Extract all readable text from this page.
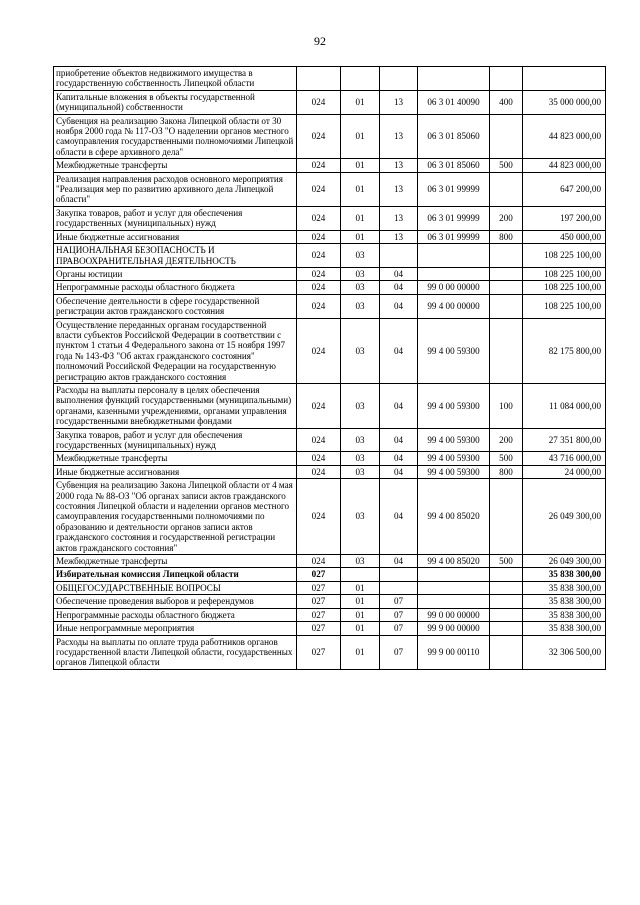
92
приобретение объектов недвижимого имущества в государственную собственность Липецкой области						
Капитальные вложения в объекты государственной (муниципальной) собственности	024	01	13	06 3 01 40090	400	35 000 000,00
Субвенция на реализацию Закона Липецкой области от 30 ноября 2000 года № 117-ОЗ "О наделении органов местного самоуправления государственными полномочиями Липецкой области в сфере архивного дела"	024	01	13	06 3 01 85060		44 823 000,00
Межбюджетные трансферты	024	01	13	06 3 01 85060	500	44 823 000,00
Реализация направления расходов основного мероприятия "Реализация мер по развитию архивного дела Липецкой области"	024	01	13	06 3 01 99999		647 200,00
Закупка товаров, работ и услуг для обеспечения государственных (муниципальных) нужд	024	01	13	06 3 01 99999	200	197 200,00
Иные бюджетные ассигнования	024	01	13	06 3 01 99999	800	450 000,00
НАЦИОНАЛЬНАЯ БЕЗОПАСНОСТЬ И ПРАВООХРАНИТЕЛЬНАЯ ДЕЯТЕЛЬНОСТЬ	024	03				108 225 100,00
Органы юстиции	024	03	04			108 225 100,00
Непрограммные расходы областного бюджета	024	03	04	99 0 00 00000		108 225 100,00
Обеспечение деятельности в сфере государственной регистрации актов гражданского состояния	024	03	04	99 4 00 00000		108 225 100,00
Осуществление переданных органам государственной власти субъектов Российской Федерации в соответствии с пунктом 1 статьи 4 Федерального закона от 15 ноября 1997 года № 143-ФЗ "Об актах гражданского состояния" полномочий Российской Федерации на государственную регистрацию актов гражданского состояния	024	03	04	99 4 00 59300		82 175 800,00
Расходы на выплаты персоналу в целях обеспечения выполнения функций государственными (муниципальными) органами, казенными учреждениями, органами управления государственными внебюджетными фондами	024	03	04	99 4 00 59300	100	11 084 000,00
Закупка товаров, работ и услуг для обеспечения государственных (муниципальных) нужд	024	03	04	99 4 00 59300	200	27 351 800,00
Межбюджетные трансферты	024	03	04	99 4 00 59300	500	43 716 000,00
Иные бюджетные ассигнования	024	03	04	99 4 00 59300	800	24 000,00
Субвенция на реализацию Закона Липецкой области от 4 мая 2000 года № 88-ОЗ "Об органах записи актов гражданского состояния Липецкой области и наделении органов местного самоуправления государственными полномочиями по образованию и деятельности органов записи актов гражданского состояния и государственной регистрации актов гражданского состояния"	024	03	04	99 4 00 85020		26 049 300,00
Межбюджетные трансферты	024	03	04	99 4 00 85020	500	26 049 300,00
Избирательная комиссия Липецкой области	027					35 838 300,00
ОБЩЕГОСУДАРСТВЕННЫЕ ВОПРОСЫ	027	01				35 838 300,00
Обеспечение проведения выборов и референдумов	027	01	07			35 838 300,00
Непрограммные расходы областного бюджета	027	01	07	99 0 00 00000		35 838 300,00
Иные непрограммные мероприятия	027	01	07	99 9 00 00000		35 838 300,00
Расходы на выплаты по оплате труда работников органов государственной власти Липецкой области, государственных органов Липецкой области	027	01	07	99 9 00 00110		32 306 500,00
